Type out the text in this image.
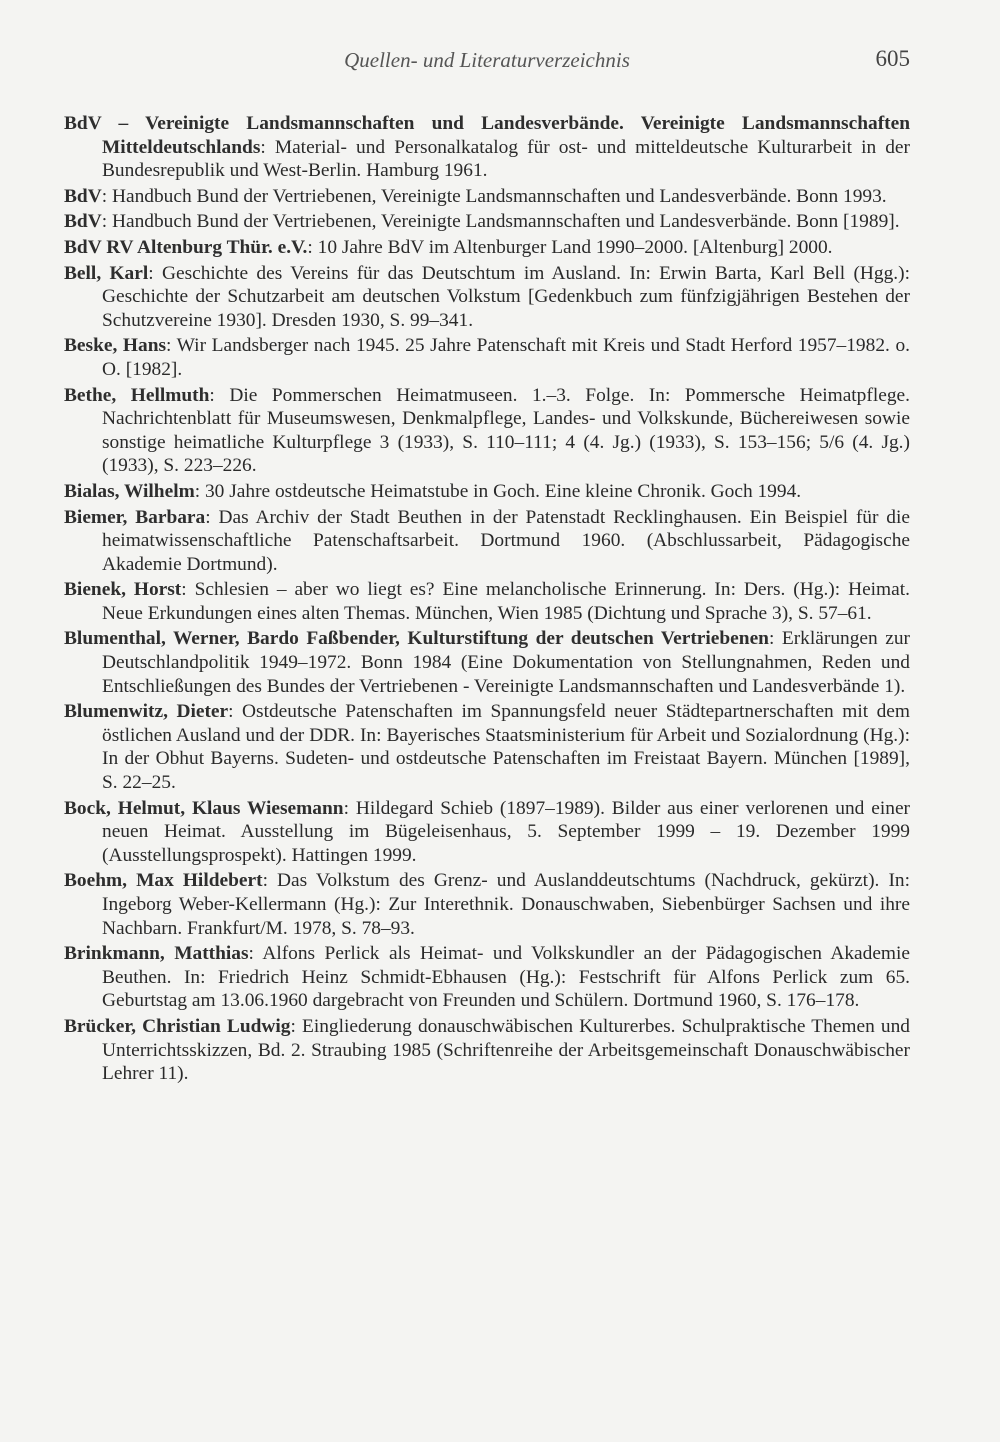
Quellen- und Literaturverzeichnis	605

BdV – Vereinigte Landsmannschaften und Landesverbände. Vereinigte Landsmannschaften Mitteldeutschlands: Material- und Personalkatalog für ost- und mitteldeutsche Kulturarbeit in der Bundesrepublik und West-Berlin. Hamburg 1961.

BdV: Handbuch Bund der Vertriebenen, Vereinigte Landsmannschaften und Landesverbände. Bonn 1993.

BdV: Handbuch Bund der Vertriebenen, Vereinigte Landsmannschaften und Landesverbände. Bonn [1989].

BdV RV Altenburg Thür. e.V.: 10 Jahre BdV im Altenburger Land 1990–2000. [Altenburg] 2000.

Bell, Karl: Geschichte des Vereins für das Deutschtum im Ausland. In: Erwin Barta, Karl Bell (Hgg.): Geschichte der Schutzarbeit am deutschen Volkstum [Gedenkbuch zum fünfzigjährigen Bestehen der Schutzvereine 1930]. Dresden 1930, S. 99–341.

Beske, Hans: Wir Landsberger nach 1945. 25 Jahre Patenschaft mit Kreis und Stadt Herford 1957–1982. o. O. [1982].

Bethe, Hellmuth: Die Pommerschen Heimatmuseen. 1.–3. Folge. In: Pommersche Heimatpflege. Nachrichtenblatt für Museumswesen, Denkmalpflege, Landes- und Volkskunde, Büchereiwesen sowie sonstige heimatliche Kulturpflege 3 (1933), S. 110–111; 4 (4. Jg.) (1933), S. 153–156; 5/6 (4. Jg.) (1933), S. 223–226.

Bialas, Wilhelm: 30 Jahre ostdeutsche Heimatstube in Goch. Eine kleine Chronik. Goch 1994.

Biemer, Barbara: Das Archiv der Stadt Beuthen in der Patenstadt Recklinghausen. Ein Beispiel für die heimatwissenschaftliche Patenschaftsarbeit. Dortmund 1960. (Abschlussarbeit, Pädagogische Akademie Dortmund).

Bienek, Horst: Schlesien – aber wo liegt es? Eine melancholische Erinnerung. In: Ders. (Hg.): Heimat. Neue Erkundungen eines alten Themas. München, Wien 1985 (Dichtung und Sprache 3), S. 57–61.

Blumenthal, Werner, Bardo Faßbender, Kulturstiftung der deutschen Vertriebenen: Erklärungen zur Deutschlandpolitik 1949–1972. Bonn 1984 (Eine Dokumentation von Stellungnahmen, Reden und Entschließungen des Bundes der Vertriebenen - Vereinigte Landsmannschaften und Landesverbände 1).

Blumenwitz, Dieter: Ostdeutsche Patenschaften im Spannungsfeld neuer Städtepartnerschaften mit dem östlichen Ausland und der DDR. In: Bayerisches Staatsministerium für Arbeit und Sozialordnung (Hg.): In der Obhut Bayerns. Sudeten- und ostdeutsche Patenschaften im Freistaat Bayern. München [1989], S. 22–25.

Bock, Helmut, Klaus Wiesemann: Hildegard Schieb (1897–1989). Bilder aus einer verlorenen und einer neuen Heimat. Ausstellung im Bügeleisenhaus, 5. September 1999 – 19. Dezember 1999 (Ausstellungsprospekt). Hattingen 1999.

Boehm, Max Hildebert: Das Volkstum des Grenz- und Auslanddeutschtums (Nachdruck, gekürzt). In: Ingeborg Weber-Kellermann (Hg.): Zur Interethnik. Donauschwaben, Siebenbürger Sachsen und ihre Nachbarn. Frankfurt/M. 1978, S. 78–93.

Brinkmann, Matthias: Alfons Perlick als Heimat- und Volkskundler an der Pädagogischen Akademie Beuthen. In: Friedrich Heinz Schmidt-Ebhausen (Hg.): Festschrift für Alfons Perlick zum 65. Geburtstag am 13.06.1960 dargebracht von Freunden und Schülern. Dortmund 1960, S. 176–178.

Brücker, Christian Ludwig: Eingliederung donauschwäbischen Kulturerbes. Schulpraktische Themen und Unterrichtsskizzen, Bd. 2. Straubing 1985 (Schriftenreihe der Arbeitsgemeinschaft Donauschwäbischer Lehrer 11).
